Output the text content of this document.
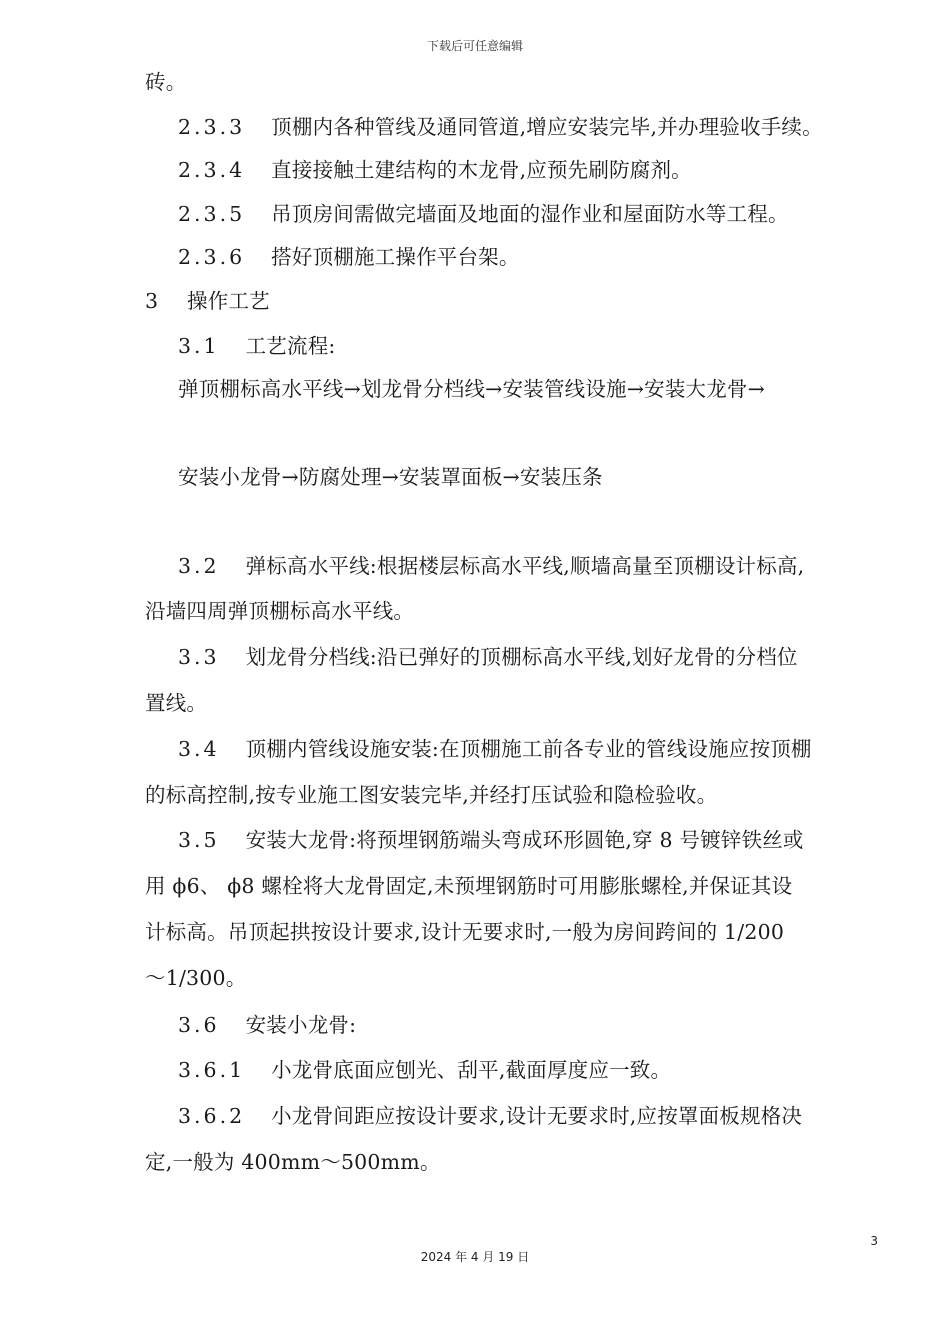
下载后可任意编辑
砖。
2.3.3 顶棚内各种管线及通同管道,增应安装完毕,并办理验收手续。
2.3.4 直接接触土建结构的木龙骨,应预先刷防腐剂。
2.3.5 吊顶房间需做完墙面及地面的湿作业和屋面防水等工程。
2.3.6 搭好顶棚施工操作平台架。
3 操作工艺
3.1 工艺流程:
弹顶棚标高水平线→划龙骨分档线→安装管线设施→安装大龙骨→
安装小龙骨→防腐处理→安装罩面板→安装压条
3.2 弹标高水平线:根据楼层标高水平线,顺墙高量至顶棚设计标高,
沿墙四周弹顶棚标高水平线。
3.3 划龙骨分档线:沿已弹好的顶棚标高水平线,划好龙骨的分档位
置线。
3.4 顶棚内管线设施安装:在顶棚施工前各专业的管线设施应按顶棚
的标高控制,按专业施工图安装完毕,并经打压试验和隐检验收。
3.5 安装大龙骨:将预埋钢筋端头弯成环形圆铯,穿 8 号镀锌铁丝或
用 ϕ6、 ϕ8 螺栓将大龙骨固定,未预埋钢筋时可用膨胀螺栓,并保证其设
计标高。吊顶起拱按设计要求,设计无要求时,一般为房间跨间的 1/200
～1/300。
3.6 安装小龙骨:
3.6.1 小龙骨底面应刨光、刮平,截面厚度应一致。
3.6.2 小龙骨间距应按设计要求,设计无要求时,应按罩面板规格决
定,一般为 400mm～500mm。
3
2024 年 4 月 19 日
